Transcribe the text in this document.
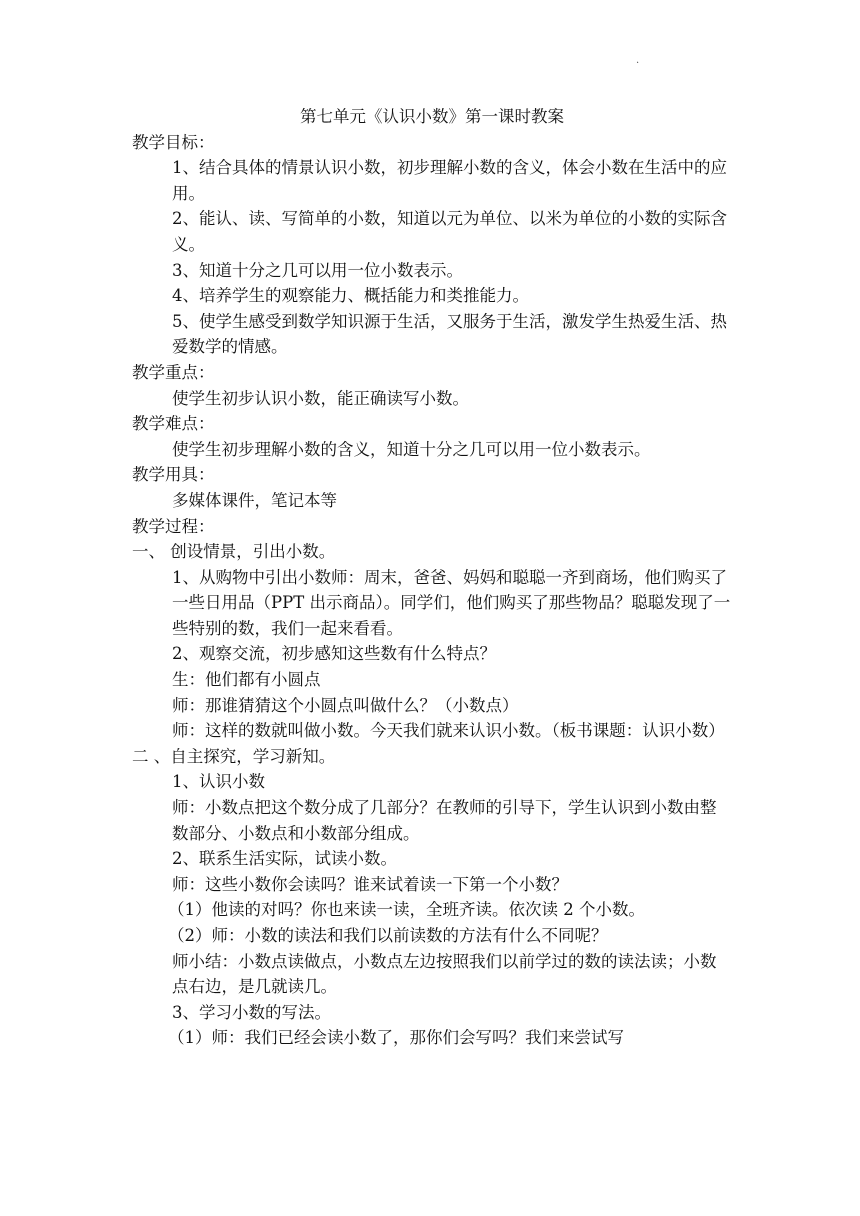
.
第七单元《认识小数》第一课时教案

教学目标：

1、结合具体的情景认识小数，初步理解小数的含义，体会小数在生活中的应用。

2、能认、读、写简单的小数，知道以元为单位、以米为单位的小数的实际含义。

3、知道十分之几可以用一位小数表示。

4、培养学生的观察能力、概括能力和类推能力。

5、使学生感受到数学知识源于生活，又服务于生活，激发学生热爱生活、热爱数学的情感。

教学重点：

使学生初步认识小数，能正确读写小数。

教学难点：

使学生初步理解小数的含义，知道十分之几可以用一位小数表示。

教学用具：

多媒体课件，笔记本等

教学过程：

一、 创设情景，引出小数。

1、从购物中引出小数师：周末，爸爸、妈妈和聪聪一齐到商场，他们购买了一些日用品（PPT 出示商品）。同学们，他们购买了那些物品？聪聪发现了一些特别的数，我们一起来看看。

2、观察交流，初步感知这些数有什么特点？

生：他们都有小圆点

师：那谁猜猜这个小圆点叫做什么？（小数点）

师：这样的数就叫做小数。今天我们就来认识小数。（板书课题：认识小数）

二 、自主探究，学习新知。

1、认识小数

师：小数点把这个数分成了几部分？在教师的引导下，学生认识到小数由整数部分、小数点和小数部分组成。

2、联系生活实际，试读小数。

师：这些小数你会读吗？谁来试着读一下第一个小数？

（1）他读的对吗？你也来读一读，全班齐读。依次读 2 个小数。

（2）师：小数的读法和我们以前读数的方法有什么不同呢？

师小结：小数点读做点，小数点左边按照我们以前学过的数的读法读；小数点右边，是几就读几。

3、学习小数的写法。

（1）师：我们已经会读小数了，那你们会写吗？我们来尝试写
